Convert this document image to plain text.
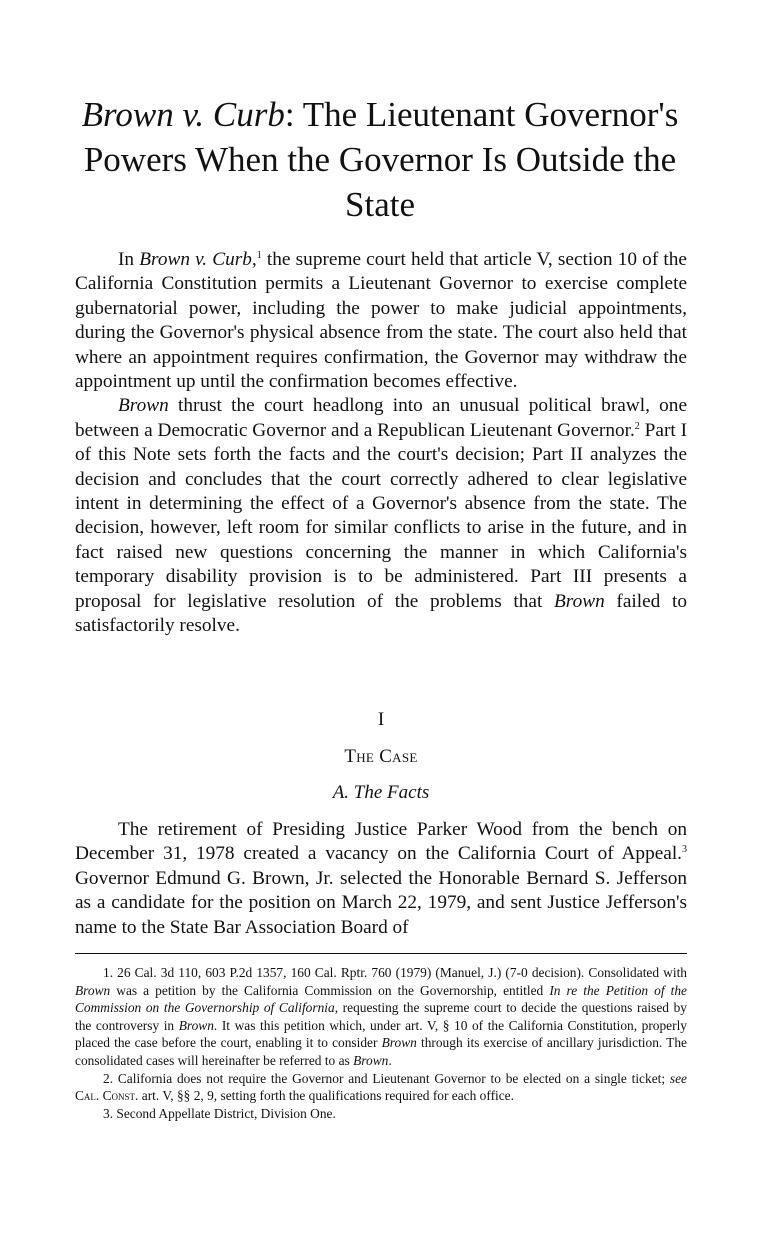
Brown v. Curb: The Lieutenant Governor's Powers When the Governor Is Outside the State

In Brown v. Curb,$^1$ the supreme court held that article V, section 10 of the California Constitution permits a Lieutenant Governor to exercise complete gubernatorial power, including the power to make judicial appointments, during the Governor's physical absence from the state. The court also held that where an appointment requires confirmation, the Governor may withdraw the appointment up until the confirmation becomes effective.

Brown thrust the court headlong into an unusual political brawl, one between a Democratic Governor and a Republican Lieutenant Governor.$^2$ Part I of this Note sets forth the facts and the court's decision; Part II analyzes the decision and concludes that the court correctly adhered to clear legislative intent in determining the effect of a Governor's absence from the state. The decision, however, left room for similar conflicts to arise in the future, and in fact raised new questions concerning the manner in which California's temporary disability provision is to be administered. Part III presents a proposal for legislative resolution of the problems that Brown failed to satisfactorily resolve.

I
The Case
A. The Facts

The retirement of Presiding Justice Parker Wood from the bench on December 31, 1978 created a vacancy on the California Court of Appeal.$^3$ Governor Edmund G. Brown, Jr. selected the Honorable Bernard S. Jefferson as a candidate for the position on March 22, 1979, and sent Justice Jefferson's name to the State Bar Association Board of

1. 26 Cal. 3d 110, 603 P.2d 1357, 160 Cal. Rptr. 760 (1979) (Manuel, J.) (7-0 decision). Consolidated with Brown was a petition by the California Commission on the Governorship, entitled In re the Petition of the Commission on the Governorship of California, requesting the supreme court to decide the questions raised by the controversy in Brown. It was this petition which, under art. V, § 10 of the California Constitution, properly placed the case before the court, enabling it to consider Brown through its exercise of ancillary jurisdiction. The consolidated cases will hereinafter be referred to as Brown.

2. California does not require the Governor and Lieutenant Governor to be elected on a single ticket; see Cal. Const. art. V, §§ 2, 9, setting forth the qualifications required for each office.

3. Second Appellate District, Division One.
